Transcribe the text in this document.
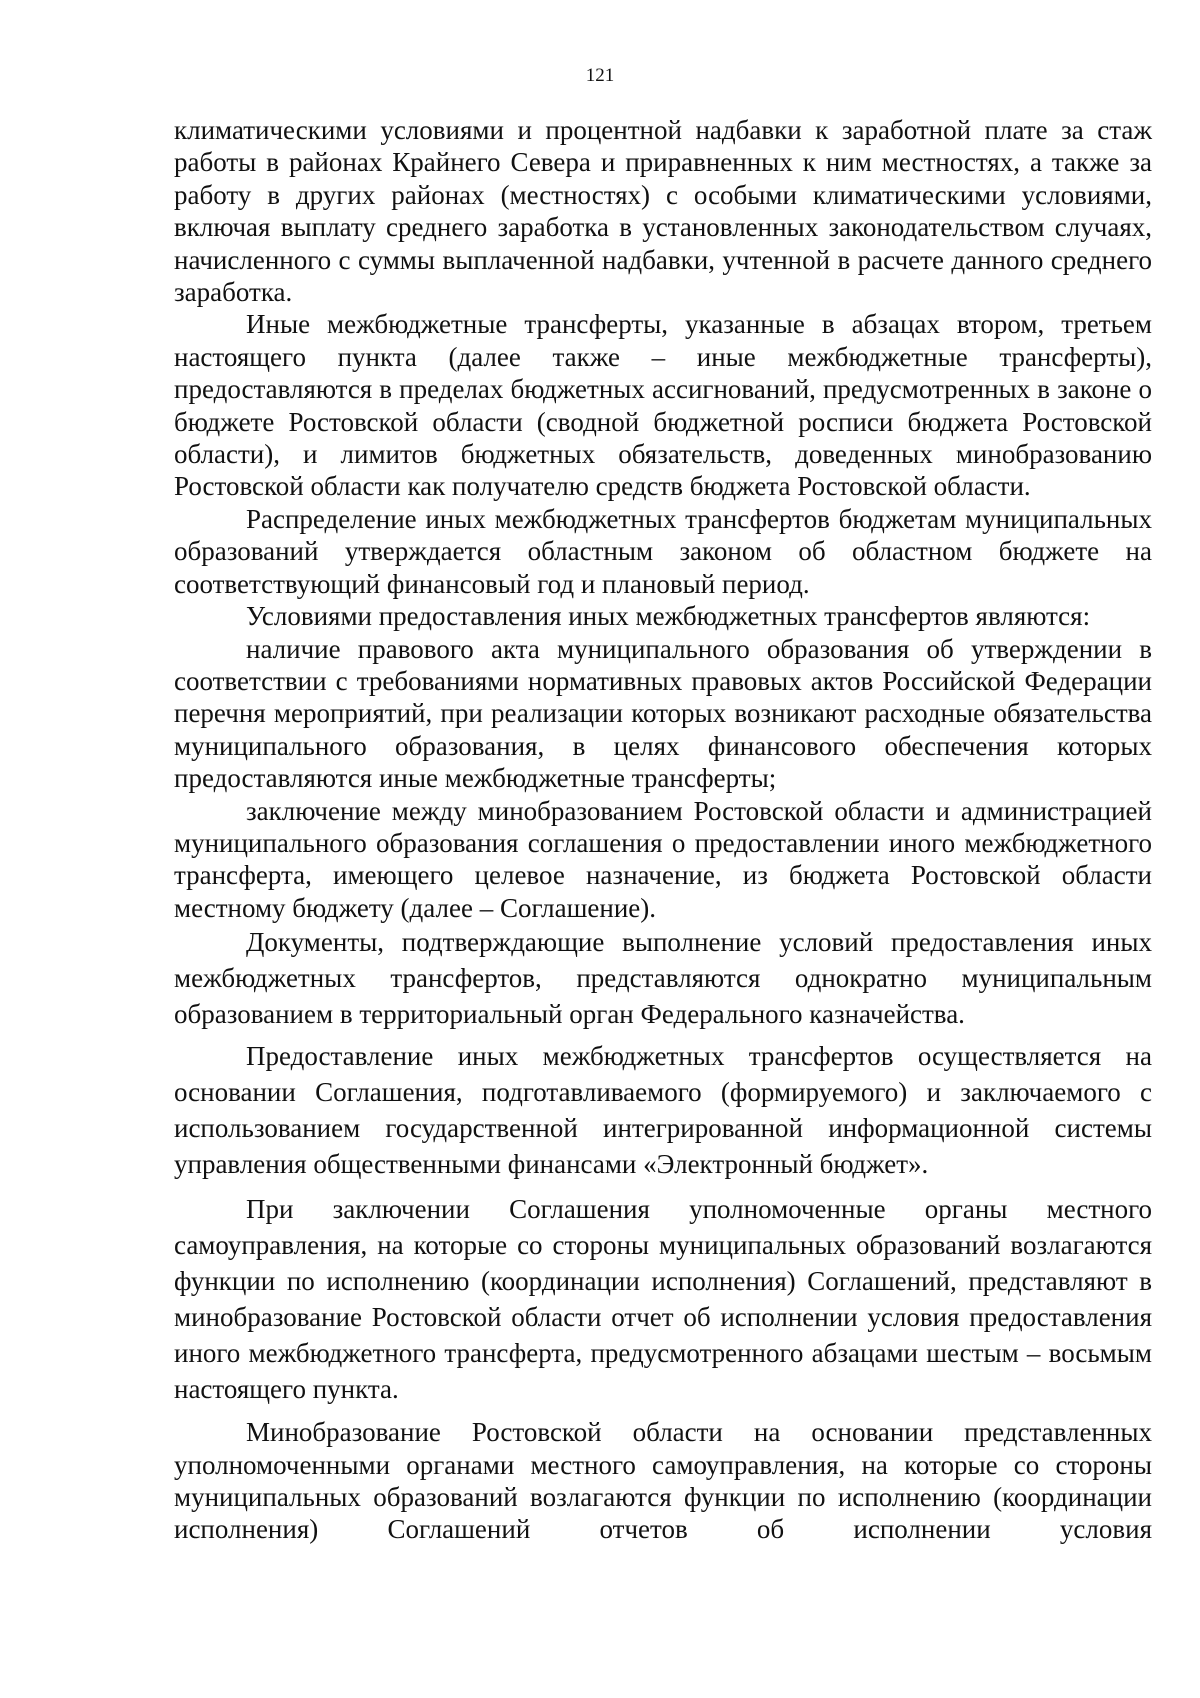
121

климатическими условиями и процентной надбавки к заработной плате за стаж работы в районах Крайнего Севера и приравненных к ним местностях, а также за работу в других районах (местностях) с особыми климатическими условиями, включая выплату среднего заработка в установленных законодательством случаях, начисленного с суммы выплаченной надбавки, учтенной в расчете данного среднего заработка.

Иные межбюджетные трансферты, указанные в абзацах втором, третьем настоящего пункта (далее также – иные межбюджетные трансферты), предоставляются в пределах бюджетных ассигнований, предусмотренных в законе о бюджете Ростовской области (сводной бюджетной росписи бюджета Ростовской области), и лимитов бюджетных обязательств, доведенных минобразованию Ростовской области как получателю средств бюджета Ростовской области.

Распределение иных межбюджетных трансфертов бюджетам муниципальных образований утверждается областным законом об областном бюджете на соответствующий финансовый год и плановый период.

Условиями предоставления иных межбюджетных трансфертов являются:

наличие правового акта муниципального образования об утверждении в соответствии с требованиями нормативных правовых актов Российской Федерации перечня мероприятий, при реализации которых возникают расходные обязательства муниципального образования, в целях финансового обеспечения которых предоставляются иные межбюджетные трансферты;

заключение между минобразованием Ростовской области и администрацией муниципального образования соглашения о предоставлении иного межбюджетного трансферта, имеющего целевое назначение, из бюджета Ростовской области местному бюджету (далее – Соглашение).

Документы, подтверждающие выполнение условий предоставления иных межбюджетных трансфертов, представляются однократно муниципальным образованием в территориальный орган Федерального казначейства.

Предоставление иных межбюджетных трансфертов осуществляется на основании Соглашения, подготавливаемого (формируемого) и заключаемого с использованием государственной интегрированной информационной системы управления общественными финансами «Электронный бюджет».

При заключении Соглашения уполномоченные органы местного самоуправления, на которые со стороны муниципальных образований возлагаются функции по исполнению (координации исполнения) Соглашений, представляют в минобразование Ростовской области отчет об исполнении условия предоставления иного межбюджетного трансферта, предусмотренного абзацами шестым – восьмым настоящего пункта.

Минобразование Ростовской области на основании представленных уполномоченными органами местного самоуправления, на которые со стороны муниципальных образований возлагаются функции по исполнению (координации исполнения) Соглашений отчетов об исполнении условия
